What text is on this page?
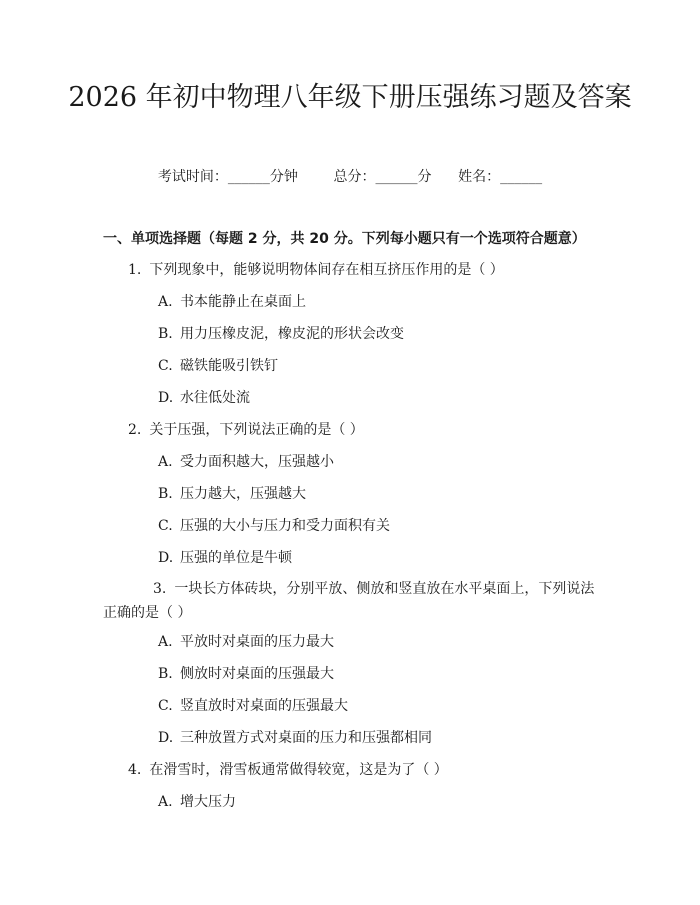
2026 年初中物理八年级下册压强练习题及答案
考试时间：______分钟	总分：______分 姓名：______
一、单项选择题（每题 2 分，共 20 分。下列每小题只有一个选项符合题意）
1. 下列现象中，能够说明物体间存在相互挤压作用的是（ ）
A. 书本能静止在桌面上
B. 用力压橡皮泥，橡皮泥的形状会改变
C. 磁铁能吸引铁钉
D. 水往低处流
2. 关于压强，下列说法正确的是（ ）
A. 受力面积越大，压强越小
B. 压力越大，压强越大
C. 压强的大小与压力和受力面积有关
D. 压强的单位是牛顿
3. 一块长方体砖块，分别平放、侧放和竖直放在水平桌面上，下列说法正确的是（ ）
A. 平放时对桌面的压力最大
B. 侧放时对桌面的压强最大
C. 竖直放时对桌面的压强最大
D. 三种放置方式对桌面的压力和压强都相同
4. 在滑雪时，滑雪板通常做得较宽，这是为了（ ）
A. 增大压力
